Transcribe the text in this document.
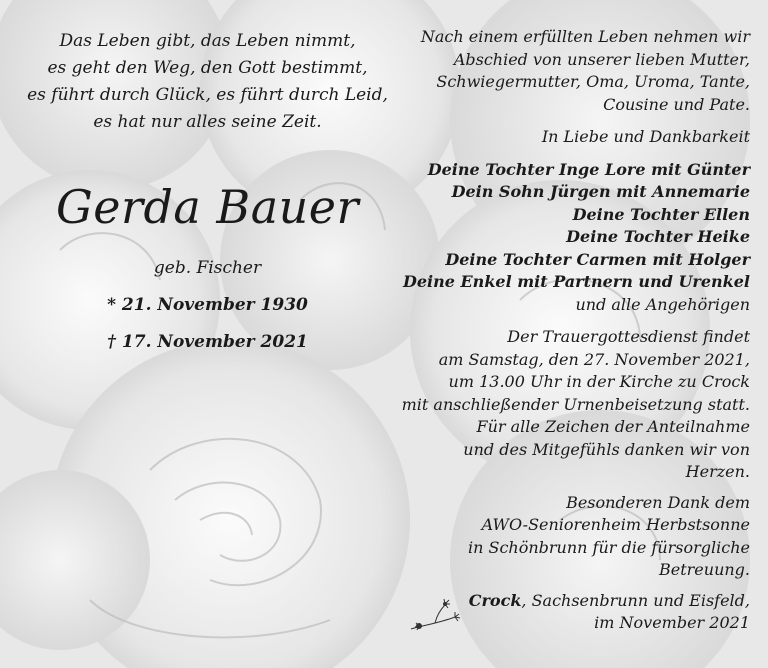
Das Leben gibt, das Leben nimmt,
es geht den Weg, den Gott bestimmt,
es führt durch Glück, es führt durch Leid,
es hat nur alles seine Zeit.
Gerda Bauer
geb. Fischer
* 21. November 1930
† 17. November 2021
Nach einem erfüllten Leben nehmen wir
Abschied von unserer lieben Mutter,
Schwiegermutter, Oma, Uroma, Tante,
Cousine und Pate.
In Liebe und Dankbarkeit
Deine Tochter Inge Lore mit Günter
Dein Sohn Jürgen mit Annemarie
Deine Tochter Ellen
Deine Tochter Heike
Deine Tochter Carmen mit Holger
Deine Enkel mit Partnern und Urenkel
und alle Angehörigen
Der Trauergottesdienst findet
am Samstag, den 27. November 2021,
um 13.00 Uhr in der Kirche zu Crock
mit anschließender Urnenbeisetzung statt.
Für alle Zeichen der Anteilnahme
und des Mitgefühls danken wir von Herzen.
Besonderen Dank dem
AWO-Seniorenheim Herbstsonne
in Schönbrunn für die fürsorgliche Betreuung.
Crock, Sachsenbrunn und Eisfeld,
im November 2021
